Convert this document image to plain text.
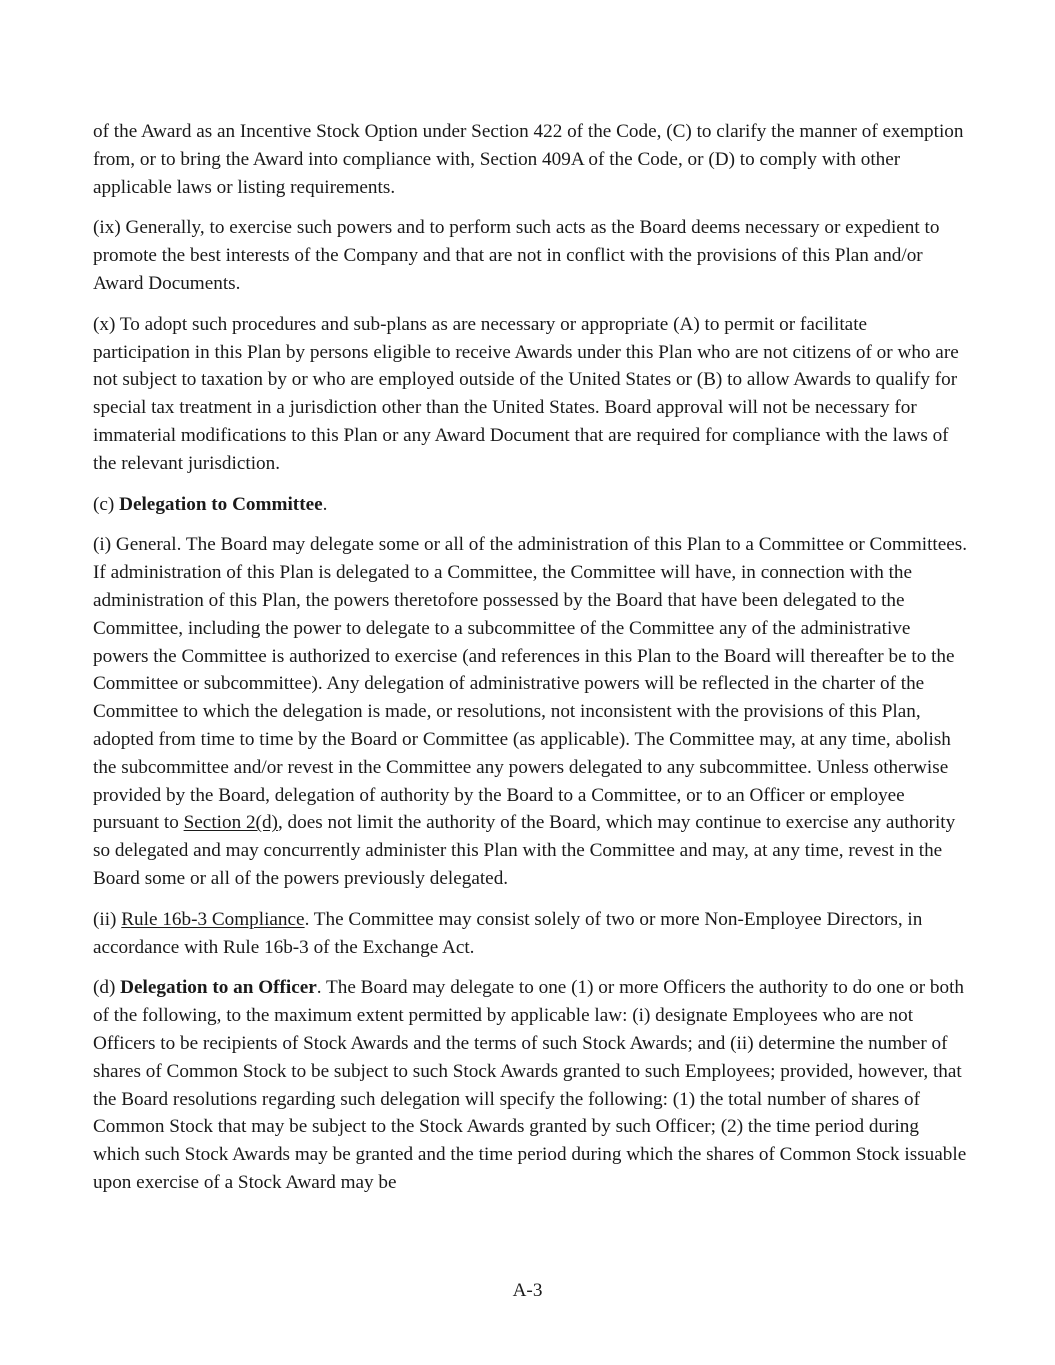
of the Award as an Incentive Stock Option under Section 422 of the Code, (C) to clarify the manner of exemption from, or to bring the Award into compliance with, Section 409A of the Code, or (D) to comply with other applicable laws or listing requirements.

(ix) Generally, to exercise such powers and to perform such acts as the Board deems necessary or expedient to promote the best interests of the Company and that are not in conflict with the provisions of this Plan and/or Award Documents.

(x) To adopt such procedures and sub-plans as are necessary or appropriate (A) to permit or facilitate participation in this Plan by persons eligible to receive Awards under this Plan who are not citizens of or who are not subject to taxation by or who are employed outside of the United States or (B) to allow Awards to qualify for special tax treatment in a jurisdiction other than the United States. Board approval will not be necessary for immaterial modifications to this Plan or any Award Document that are required for compliance with the laws of the relevant jurisdiction.

(c) Delegation to Committee.

(i) General. The Board may delegate some or all of the administration of this Plan to a Committee or Committees. If administration of this Plan is delegated to a Committee, the Committee will have, in connection with the administration of this Plan, the powers theretofore possessed by the Board that have been delegated to the Committee, including the power to delegate to a subcommittee of the Committee any of the administrative powers the Committee is authorized to exercise (and references in this Plan to the Board will thereafter be to the Committee or subcommittee). Any delegation of administrative powers will be reflected in the charter of the Committee to which the delegation is made, or resolutions, not inconsistent with the provisions of this Plan, adopted from time to time by the Board or Committee (as applicable). The Committee may, at any time, abolish the subcommittee and/or revest in the Committee any powers delegated to any subcommittee. Unless otherwise provided by the Board, delegation of authority by the Board to a Committee, or to an Officer or employee pursuant to Section 2(d), does not limit the authority of the Board, which may continue to exercise any authority so delegated and may concurrently administer this Plan with the Committee and may, at any time, revest in the Board some or all of the powers previously delegated.

(ii) Rule 16b-3 Compliance. The Committee may consist solely of two or more Non-Employee Directors, in accordance with Rule 16b-3 of the Exchange Act.

(d) Delegation to an Officer. The Board may delegate to one (1) or more Officers the authority to do one or both of the following, to the maximum extent permitted by applicable law: (i) designate Employees who are not Officers to be recipients of Stock Awards and the terms of such Stock Awards; and (ii) determine the number of shares of Common Stock to be subject to such Stock Awards granted to such Employees; provided, however, that the Board resolutions regarding such delegation will specify the following: (1) the total number of shares of Common Stock that may be subject to the Stock Awards granted by such Officer; (2) the time period during which such Stock Awards may be granted and the time period during which the shares of Common Stock issuable upon exercise of a Stock Award may be

A-3
